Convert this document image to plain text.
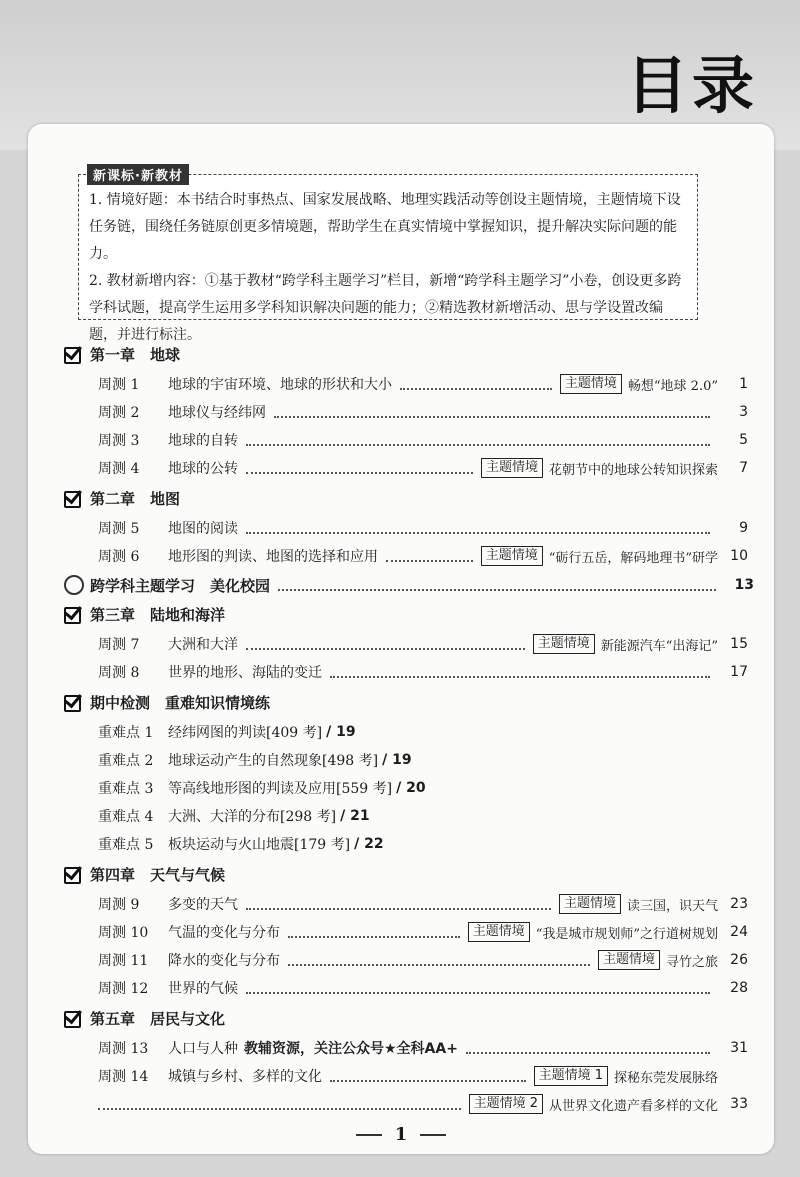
目录
新课标·新教材

1. 情境好题：本书结合时事热点、国家发展战略、地理实践活动等创设主题情境，主题情境下设任务链，围绕任务链原创更多情境题，帮助学生在真实情境中掌握知识，提升解决实际问题的能力。

2. 教材新增内容：①基于教材“跨学科主题学习”栏目，新增“跨学科主题学习”小卷，创设更多跨学科试题，提高学生运用多学科知识解决问题的能力；②精选教材新增活动、思与学设置改编题，并进行标注。

第一章　地球
周测 1	地球的宇宙环境、地球的形状和大小	主题情境 畅想“地球 2.0”	1
周测 2	地球仪与经纬网	3
周测 3	地球的自转	5
周测 4	地球的公转	主题情境 花朝节中的地球公转知识探索	7
第二章　地图
周测 5	地图的阅读	9
周测 6	地形图的判读、地图的选择和应用	主题情境 “砺行五岳，解码地理书”研学 10
跨学科主题学习　美化校园	13
第三章　陆地和海洋
周测 7	大洲和大洋	主题情境 新能源汽车“出海记” 15
周测 8	世界的地形、海陆的变迁	17
期中检测　重难知识情境练
重难点 1	经纬网图的判读[409 考] / 19
重难点 2	地球运动产生的自然现象[498 考] / 19
重难点 3	等高线地形图的判读及应用[559 考] / 20
重难点 4	大洲、大洋的分布[298 考] / 21
重难点 5	板块运动与火山地震[179 考] / 22
第四章　天气与气候
周测 9	多变的天气	主题情境 读三国，识天气 23
周测 10	气温的变化与分布	主题情境 “我是城市规划师”之行道树规划 24
周测 11	降水的变化与分布	主题情境 寻竹之旅 26
周测 12	世界的气候	28
第五章　居民与文化
周测 13	人口与人种 教辅资源，关注公众号★全科AA+	31
周测 14	城镇与乡村、多样的文化	主题情境 1 探秘东莞发展脉络
主题情境 2 从世界文化遗产看多样的文化 33
1
